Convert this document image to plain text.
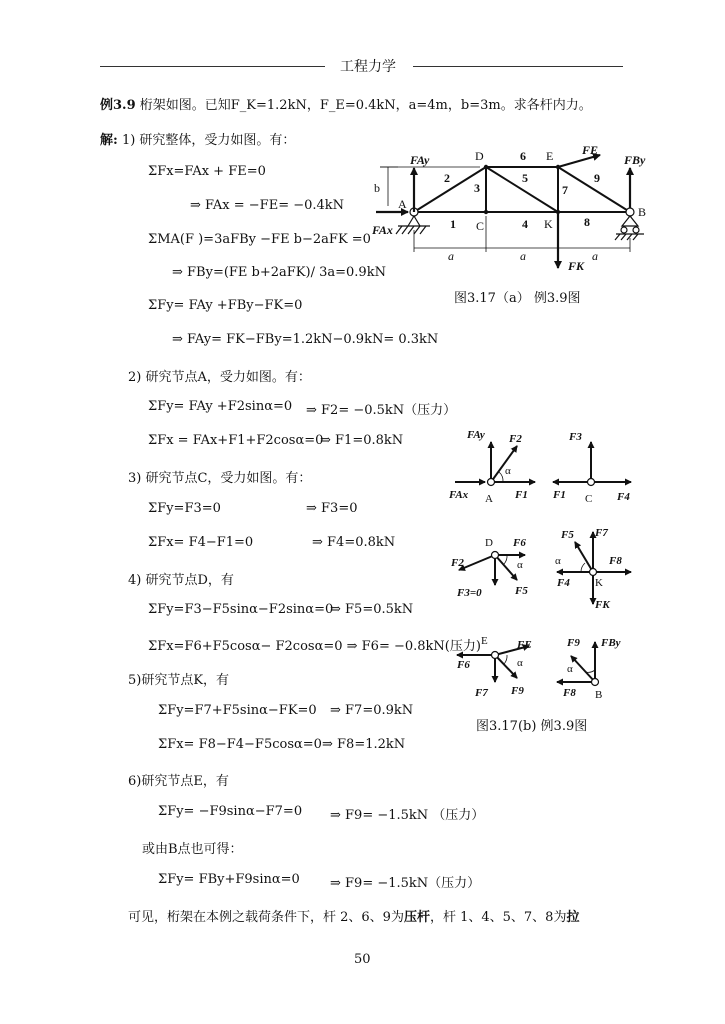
工程力学
例3.9 桁架如图。已知F_K=1.2kN，F_E=0.4kN，a=4m，b=3m。求各杆内力。
解: 1) 研究整体，受力如图。有：
ΣFx=FAx + FE=0
⇒ FAx = −FE= −0.4kN
ΣMA(F )=3aFBy −FE b−2aFK =0
⇒ FBy=(FE b+2aFK)/ 3a=0.9kN
ΣFy= FAy +FBy−FK=0
⇒ FAy= FK−FBy=1.2kN−0.9kN= 0.3kN
2) 研究节点A，受力如图。有：
ΣFy= FAy +F2sinα=0 ⇒ F2= −0.5kN（压力）
ΣFx = FAx+F1+F2cosα=0
⇒ F1=0.8kN
3) 研究节点C，受力如图。有：
ΣFy=F3=0	⇒ F3=0
ΣFx= F4−F1=0	⇒ F4=0.8kN
4) 研究节点D，有
ΣFy=F3−F5sinα−F2sinα=0
⇒ F5=0.5kN
ΣFx=F6+F5cosα− F2cosα=0 ⇒ F6= −0.8kN(压力)
5)研究节点K，有
ΣFy=F7+F5sinα−FK=0 ⇒ F7=0.9kN
ΣFx= F8−F4−F5cosα=0 ⇒ F8=1.2kN
6)研究节点E，有
ΣFy= −F9sinα−F7=0 ⇒ F9= −1.5kN （压力）
或由B点也可得：
ΣFy= FBy+F9sinα=0 ⇒ F9= −1.5kN（压力）
可见，桁架在本例之载荷条件下，杆 2、6、9为压杆，杆 1、4、5、7、8为拉
50
A
B
C
D	E
K
1
2
3
4
5
6
7
8
9
b
a	a	a
FAy
FAx
FE
FBy
FK
图3.17（a） 例3.9图
FAy F2
α
FAx A F1
F3
F1 C F4
D F6
F2	α
F3=0	F5
F5 F7
α	F8
F4 K
FK
E	FE
F6	α
F7 F9
F9 FBy
α
F8 B
图3.17(b) 例3.9图
